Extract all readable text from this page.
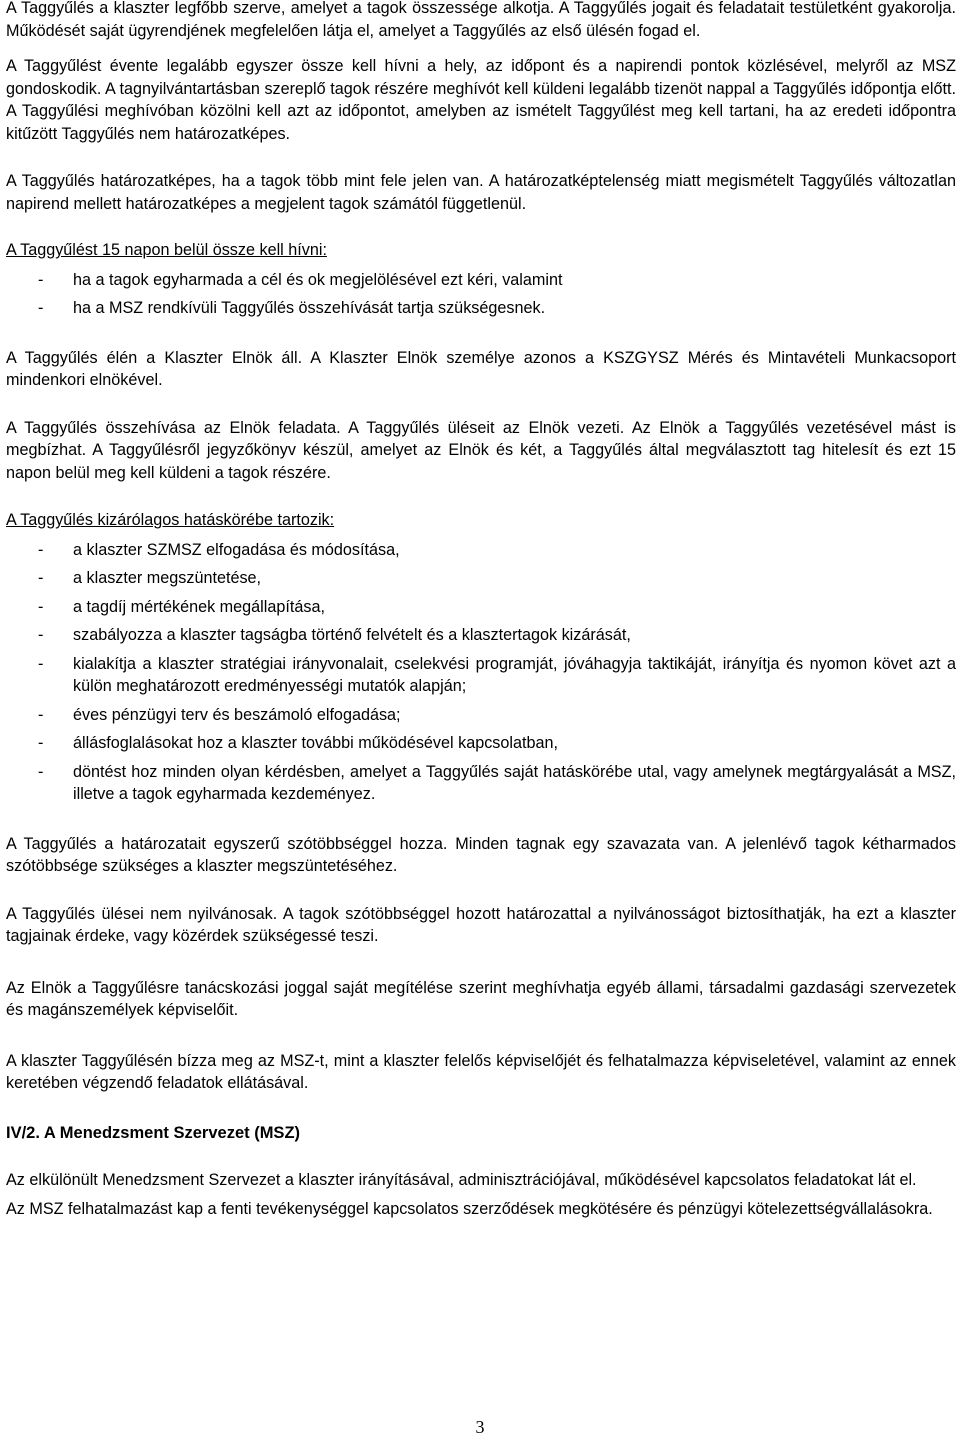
A Taggyűlés a klaszter legfőbb szerve, amelyet a tagok összessége alkotja. A Taggyűlés jogait és feladatait testületként gyakorolja. Működését saját ügyrendjének megfelelően látja el, amelyet a Taggyűlés az első ülésén fogad el.

A Taggyűlést évente legalább egyszer össze kell hívni a hely, az időpont és a napirendi pontok közlésével, melyről az MSZ gondoskodik. A tagnyilvántartásban szereplő tagok részére meghívót kell küldeni legalább tizenöt nappal a Taggyűlés időpontja előtt. A Taggyűlési meghívóban közölni kell azt az időpontot, amelyben az ismételt Taggyűlést meg kell tartani, ha az eredeti időpontra kitűzött Taggyűlés nem határozatképes.

A Taggyűlés határozatképes, ha a tagok több mint fele jelen van. A határozatképtelenség miatt megismételt Taggyűlés változatlan napirend mellett határozatképes a megjelent tagok számától függetlenül.

A Taggyűlést 15 napon belül össze kell hívni:

- ha a tagok egyharmada a cél és ok megjelölésével ezt kéri, valamint
- ha a MSZ rendkívüli Taggyűlés összehívását tartja szükségesnek.

A Taggyűlés élén a Klaszter Elnök áll. A Klaszter Elnök személye azonos a KSZGYSZ Mérés és Mintavételi Munkacsoport mindenkori elnökével.

A Taggyűlés összehívása az Elnök feladata. A Taggyűlés üléseit az Elnök vezeti. Az Elnök a Taggyűlés vezetésével mást is megbízhat. A Taggyűlésről jegyzőkönyv készül, amelyet az Elnök és két, a Taggyűlés által megválasztott tag hitelesít és ezt 15 napon belül meg kell küldeni a tagok részére.

A Taggyűlés kizárólagos hatáskörébe tartozik:

- a klaszter SZMSZ elfogadása és módosítása,
- a klaszter megszüntetése,
- a tagdíj mértékének megállapítása,
- szabályozza a klaszter tagságba történő felvételt és a klasztertagok kizárását,
- kialakítja a klaszter stratégiai irányvonalait, cselekvési programját, jóváhagyja taktikáját, irányítja és nyomon követ azt a külön meghatározott eredményességi mutatók alapján;
- éves pénzügyi terv és beszámoló elfogadása;
- állásfoglalásokat hoz a klaszter további működésével kapcsolatban,
- döntést hoz minden olyan kérdésben, amelyet a Taggyűlés saját hatáskörébe utal, vagy amelynek megtárgyalását a MSZ, illetve a tagok egyharmada kezdeményez.

A Taggyűlés a határozatait egyszerű szótöbbséggel hozza. Minden tagnak egy szavazata van. A jelenlévő tagok kétharmados szótöbbsége szükséges a klaszter megszüntetéséhez.

A Taggyűlés ülései nem nyilvánosak. A tagok szótöbbséggel hozott határozattal a nyilvánosságot biztosíthatják, ha ezt a klaszter tagjainak érdeke, vagy közérdek szükségessé teszi.

Az Elnök a Taggyűlésre tanácskozási joggal saját megítélése szerint meghívhatja egyéb állami, társadalmi gazdasági szervezetek és magánszemélyek képviselőit.

A klaszter Taggyűlésén bízza meg az MSZ-t, mint a klaszter felelős képviselőjét és felhatalmazza képviseletével, valamint az ennek keretében végzendő feladatok ellátásával.

IV/2. A Menedzsment Szervezet (MSZ)

Az elkülönült Menedzsment Szervezet a klaszter irányításával, adminisztrációjával, működésével kapcsolatos feladatokat lát el.

Az MSZ felhatalmazást kap a fenti tevékenységgel kapcsolatos szerződések megkötésére és pénzügyi kötelezettségvállalásokra.

3
